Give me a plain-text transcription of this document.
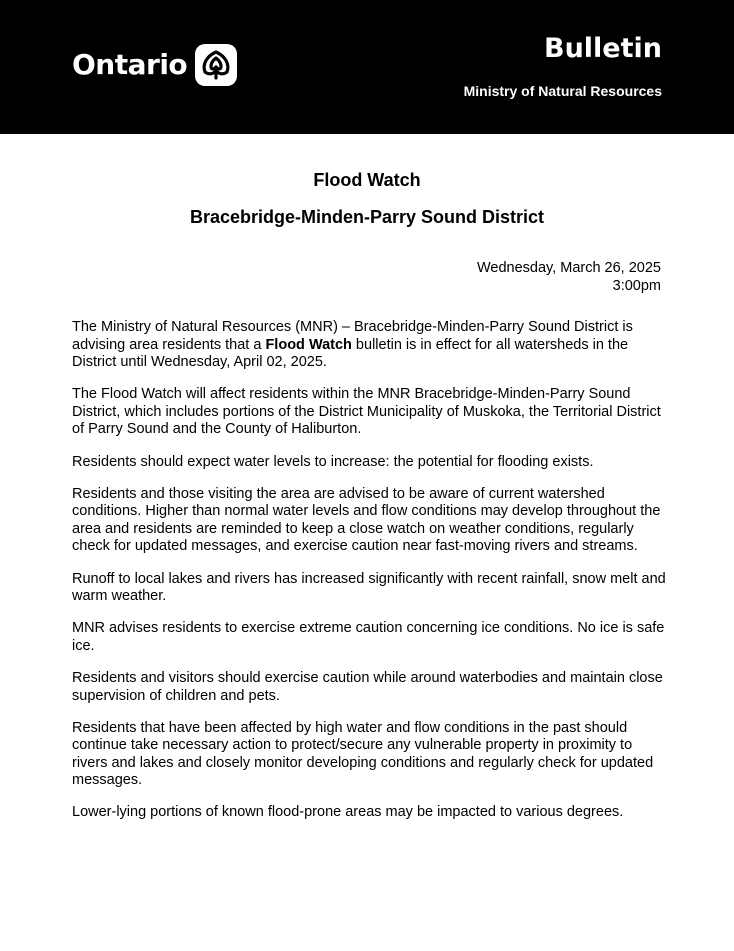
Ontario	Bulletin
Ministry of Natural Resources
Flood Watch
Bracebridge-Minden-Parry Sound District
Wednesday, March 26, 2025
3:00pm

The Ministry of Natural Resources (MNR) – Bracebridge-Minden-Parry Sound District is advising area residents that a Flood Watch bulletin is in effect for all watersheds in the District until Wednesday, April 02, 2025.

The Flood Watch will affect residents within the MNR Bracebridge-Minden-Parry Sound District, which includes portions of the District Municipality of Muskoka, the Territorial District of Parry Sound and the County of Haliburton.

Residents should expect water levels to increase: the potential for flooding exists.

Residents and those visiting the area are advised to be aware of current watershed conditions. Higher than normal water levels and flow conditions may develop throughout the area and residents are reminded to keep a close watch on weather conditions, regularly check for updated messages, and exercise caution near fast-moving rivers and streams.

Runoff to local lakes and rivers has increased significantly with recent rainfall, snow melt and warm weather.

MNR advises residents to exercise extreme caution concerning ice conditions. No ice is safe ice.

Residents and visitors should exercise caution while around waterbodies and maintain close supervision of children and pets.

Residents that have been affected by high water and flow conditions in the past should continue take necessary action to protect/secure any vulnerable property in proximity to rivers and lakes and closely monitor developing conditions and regularly check for updated messages.

Lower-lying portions of known flood-prone areas may be impacted to various degrees.
